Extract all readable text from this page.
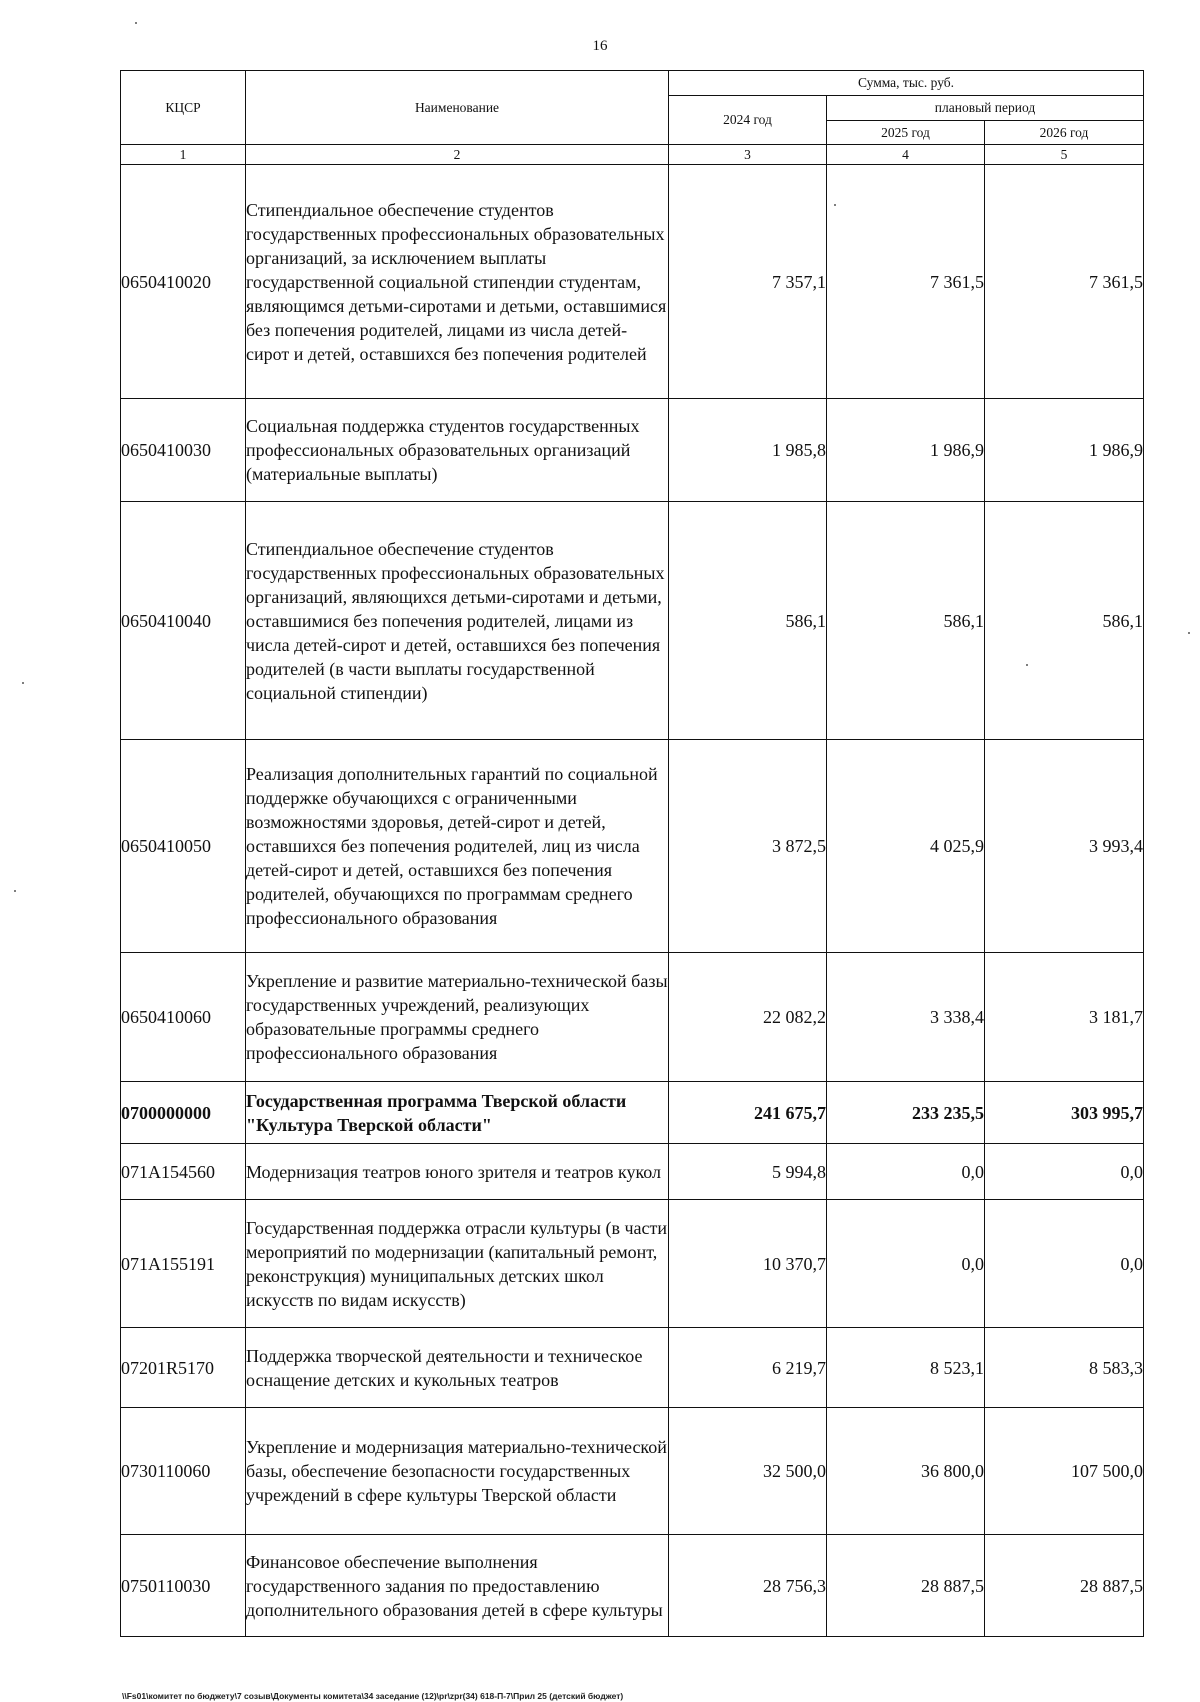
16
КЦСР	Наименование	Сумма, тыс. руб.		
		2024 год	плановый период	
			2025 год	2026 год
1	2	3	4	5
0650410020	Стипендиальное обеспечение студентов государственных профессиональных образовательных организаций, за исключением выплаты государственной социальной стипендии студентам, являющимся детьми-сиротами и детьми, оставшимися без попечения родителей, лицами из числа детей-сирот и детей, оставшихся без попечения родителей	7 357,1	7 361,5	7 361,5
0650410030	Социальная поддержка студентов государственных профессиональных образовательных организаций (материальные выплаты)	1 985,8	1 986,9	1 986,9
0650410040	Стипендиальное обеспечение студентов государственных профессиональных образовательных организаций, являющихся детьми-сиротами и детьми, оставшимися без попечения родителей, лицами из числа детей-сирот и детей, оставшихся без попечения родителей (в части выплаты государственной социальной стипендии)	586,1	586,1	586,1
0650410050	Реализация дополнительных гарантий по социальной поддержке обучающихся с ограниченными возможностями здоровья, детей-сирот и детей, оставшихся без попечения родителей, лиц из числа детей-сирот и детей, оставшихся без попечения родителей, обучающихся по программам среднего профессионального образования	3 872,5	4 025,9	3 993,4
0650410060	Укрепление и развитие материально-технической базы государственных учреждений, реализующих образовательные программы среднего профессионального образования	22 082,2	3 338,4	3 181,7
0700000000	Государственная программа Тверской области "Культура Тверской области"	241 675,7	233 235,5	303 995,7
071A154560	Модернизация театров юного зрителя и театров кукол	5 994,8	0,0	0,0
071A155191	Государственная поддержка отрасли культуры (в части мероприятий по модернизации (капитальный ремонт, реконструкция) муниципальных детских школ искусств по видам искусств)	10 370,7	0,0	0,0
07201R5170	Поддержка творческой деятельности и техническое оснащение детских и кукольных театров	6 219,7	8 523,1	8 583,3
0730110060	Укрепление и модернизация материально-технической базы, обеспечение безопасности государственных учреждений в сфере культуры Тверской области	32 500,0	36 800,0	107 500,0
0750110030	Финансовое обеспечение выполнения государственного задания по предоставлению дополнительного образования детей в сфере культуры	28 756,3	28 887,5	28 887,5
\\Fs01\комитет по бюджету\7 созыв\Документы комитета\34 заседание (12)\pr\zpr(34) 618-П-7\Прил 25 (детский бюджет)
